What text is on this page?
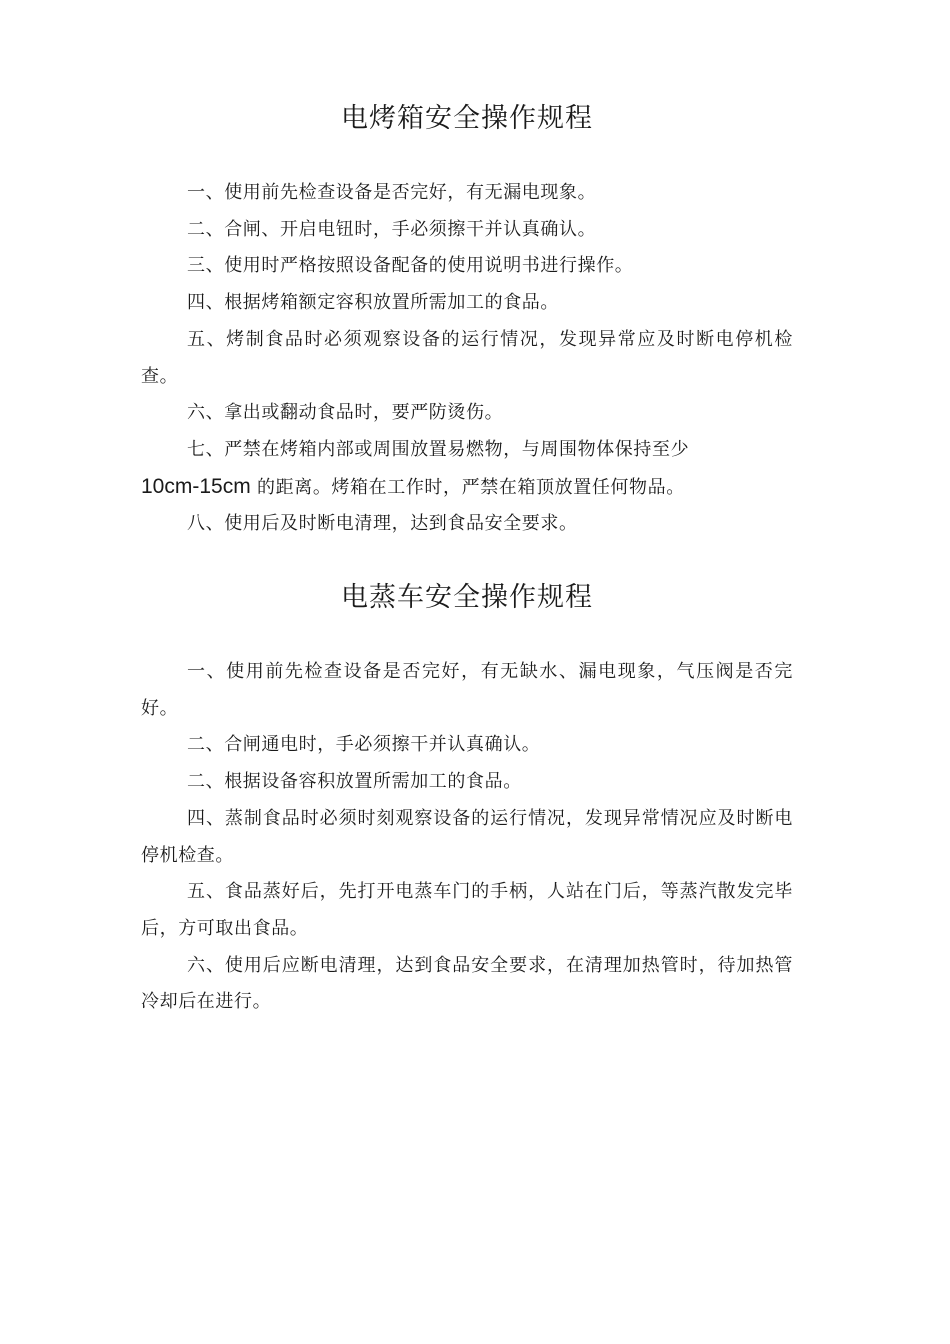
电烤箱安全操作规程

一、使用前先检查设备是否完好，有无漏电现象。

二、合闸、开启电钮时，手必须擦干并认真确认。

三、使用时严格按照设备配备的使用说明书进行操作。

四、根据烤箱额定容积放置所需加工的食品。

五、烤制食品时必须观察设备的运行情况，发现异常应及时断电停机检查。

六、拿出或翻动食品时，要严防烫伤。

七、严禁在烤箱内部或周围放置易燃物，与周围物体保持至少
10cm-15cm 的距离。烤箱在工作时，严禁在箱顶放置任何物品。

八、使用后及时断电清理，达到食品安全要求。

电蒸车安全操作规程

一、使用前先检查设备是否完好，有无缺水、漏电现象，气压阀是否完好。

二、合闸通电时，手必须擦干并认真确认。

二、根据设备容积放置所需加工的食品。

四、蒸制食品时必须时刻观察设备的运行情况，发现异常情况应及时断电停机检查。

五、食品蒸好后，先打开电蒸车门的手柄，人站在门后，等蒸汽散发完毕后，方可取出食品。

六、使用后应断电清理，达到食品安全要求，在清理加热管时，待加热管冷却后在进行。
